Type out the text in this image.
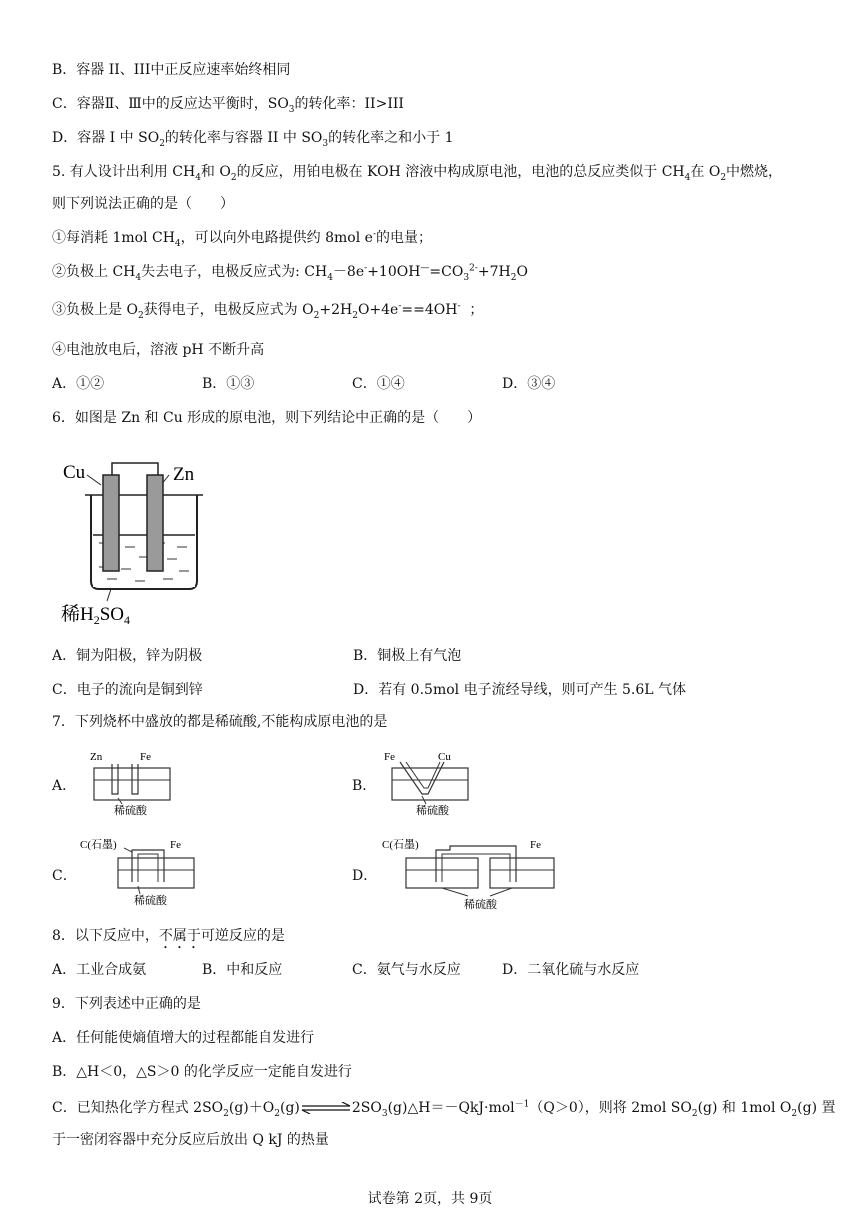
B．容器 II、III中正反应速率始终相同
C．容器Ⅱ、Ⅲ中的反应达平衡时，$SO_3$的转化率：II>III
D．容器 I 中 $SO_2$的转化率与容器 II 中 $SO_3$的转化率之和小于 1
5. 有人设计出利用 $CH_4$和 $O_2$的反应，用铂电极在 KOH 溶液中构成原电池，电池的总反应类似于 $CH_4$在 $O_2$中燃烧，
则下列说法正确的是（　　）
①每消耗 1mol $CH_4$，可以向外电路提供约 8mol e-的电量；
②负极上 $CH_4$失去电子，电极反应式为: $CH_4-8e^-+10OH^—=CO_3^{2-}+7H_2O$
③负极上是 $O_2$获得电子，电极反应式为 $O_2+2H_2O+4e^-==4OH^-$ ；
④电池放电后，溶液 pH 不断升高
A．①②	B．①③	C．①④	D．③④
6．如图是 Zn 和 Cu 形成的原电池，则下列结论中正确的是（　　）
Cu	Zn
稀$H_2SO_4$
A．铜为阳极，锌为阴极	B．铜极上有气泡
C．电子的流向是铜到锌	D．若有 0.5mol 电子流经导线，则可产生 5.6L 气体
7．下列烧杯中盛放的都是稀硫酸,不能构成原电池的是
A．
Zn	Fe
稀硫酸
B．
Fe	Cu
稀硫酸
C．
C(石墨)	Fe
稀硫酸
D．
C(石墨)	Fe
稀硫酸
8．以下反应中，不属于可逆反应的是
A．工业合成氨	B．中和反应	C．氨气与水反应	D．二氧化硫与水反应
9．下列表述中正确的是
A．任何能使熵值增大的过程都能自发进行
B．△H＜0，△S＞0 的化学反应一定能自发进行
C．已知热化学方程式 $2SO_2(g)+O_2(g)\rightleftharpoons 2SO_3(g)\triangle H=-QkJ\cdot mol^{-1}(Q>0)$，则将 2mol $SO_2(g)$ 和 1mol $O_2(g)$ 置
于一密闭容器中充分反应后放出 Q kJ 的热量
试卷第 2页，共 9页
